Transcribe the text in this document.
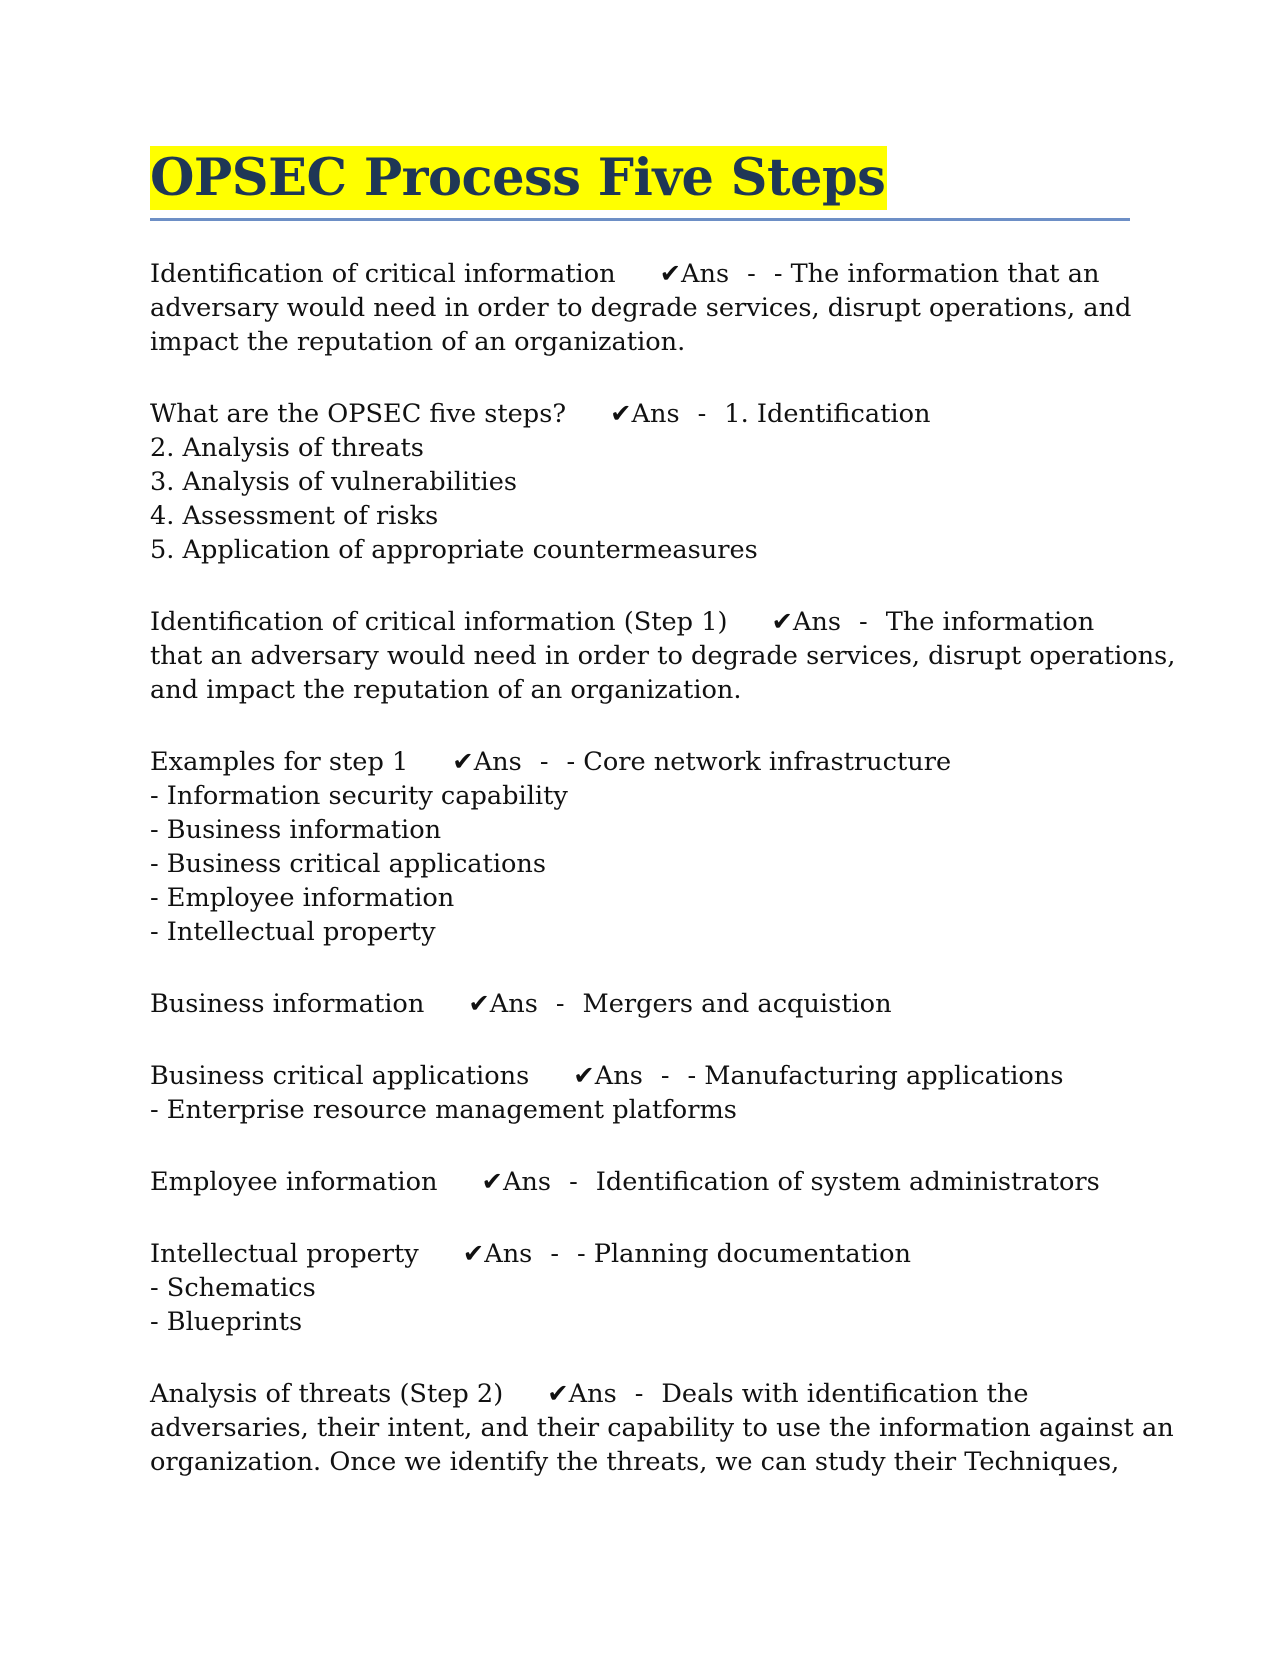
OPSEC Process Five Steps
Identification of critical information ✔Ans - - The information that an
adversary would need in order to degrade services, disrupt operations, and
impact the reputation of an organization.
What are the OPSEC five steps? ✔Ans - 1. Identification
2. Analysis of threats
3. Analysis of vulnerabilities
4. Assessment of risks
5. Application of appropriate countermeasures
Identification of critical information (Step 1) ✔Ans - The information
that an adversary would need in order to degrade services, disrupt operations,
and impact the reputation of an organization.
Examples for step 1 ✔Ans - - Core network infrastructure
- Information security capability
- Business information
- Business critical applications
- Employee information
- Intellectual property
Business information ✔Ans - Mergers and acquistion
Business critical applications ✔Ans - - Manufacturing applications
- Enterprise resource management platforms
Employee information ✔Ans - Identification of system administrators
Intellectual property ✔Ans - - Planning documentation
- Schematics
- Blueprints
Analysis of threats (Step 2) ✔Ans - Deals with identification the
adversaries, their intent, and their capability to use the information against an
organization. Once we identify the threats, we can study their Techniques,
